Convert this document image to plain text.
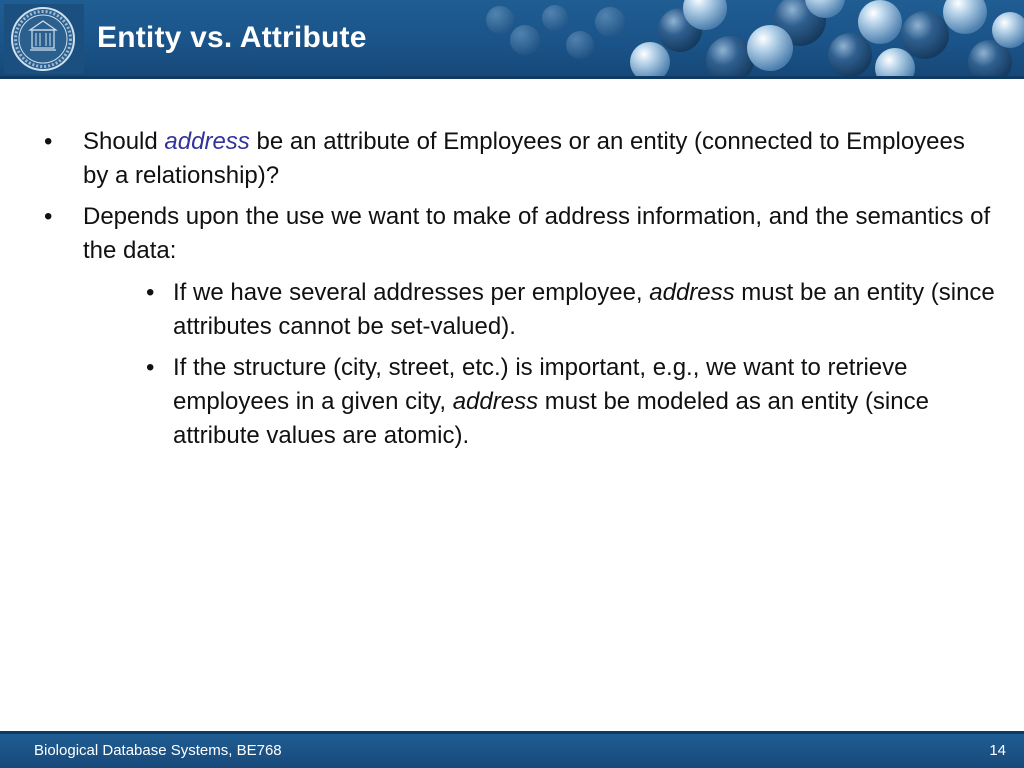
Entity vs. Attribute
• Should address be an attribute of Employees or an entity (connected to Employees by a relationship)?
• Depends upon the use we want to make of address information, and the semantics of the data:
• If we have several addresses per employee, address must be an entity (since attributes cannot be set-valued).
• If the structure (city, street, etc.) is important, e.g., we want to retrieve employees in a given city, address must be modeled as an entity (since attribute values are atomic).
Biological Database Systems, BE768	14
